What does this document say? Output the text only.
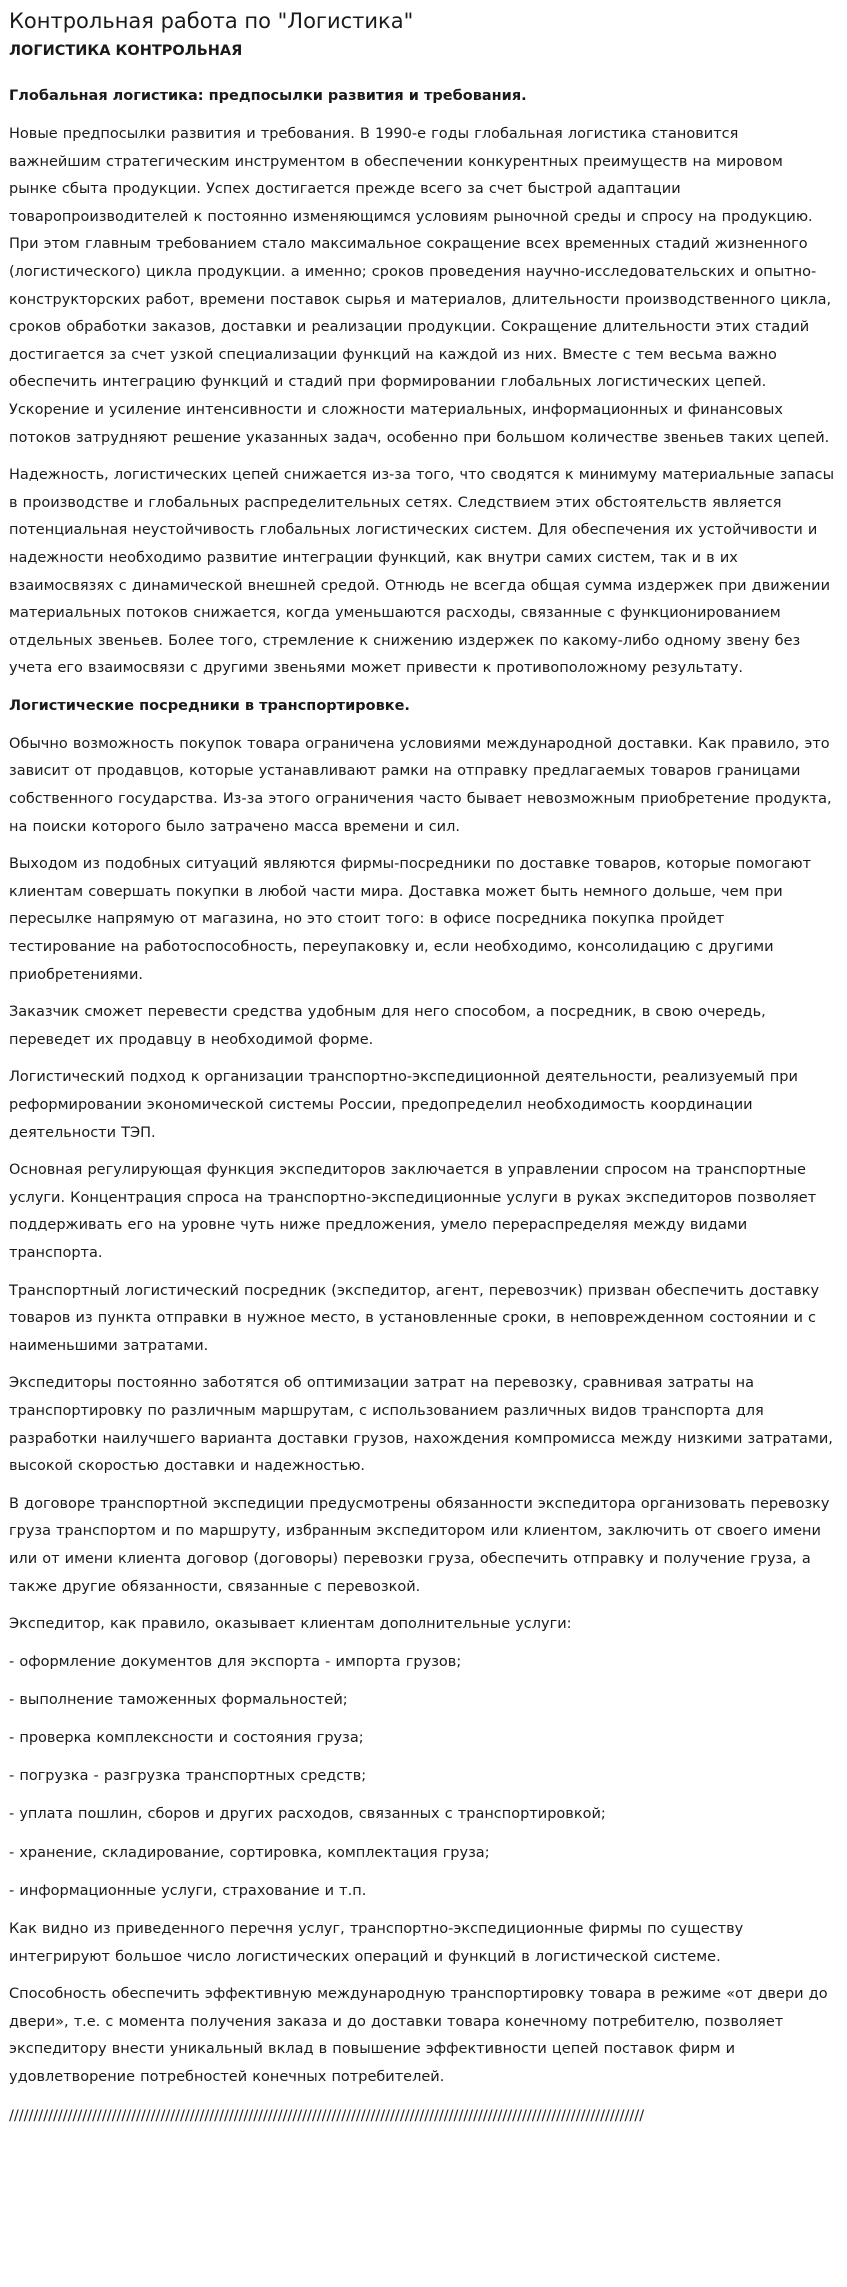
Контрольная работа по "Логистика"
ЛОГИСТИКА КОНТРОЛЬНАЯ
Глобальная логистика: предпосылки развития и требования.

Новые предпосылки развития и требования. В 1990-е годы глобальная логистика становится важнейшим стратегическим инструментом в обеспечении конкурентных преимуществ на мировом рынке сбыта продукции. Успех достигается прежде всего за счет быстрой адаптации товаропроизводителей к постоянно изменяющимся условиям рыночной среды и спросу на продукцию. При этом главным требованием стало максимальное сокращение всех временных стадий жизненного (логистического) цикла продукции. а именно; сроков проведения научно-исследовательских и опытно-конструкторских работ, времени поставок сырья и материалов, длительности производственного цикла, сроков обработки заказов, доставки и реализации продукции. Сокращение длительности этих стадий достигается за счет узкой специализации функций на каждой из них. Вместе с тем весьма важно обеспечить интеграцию функций и стадий при формировании глобальных логистических цепей. Ускорение и усиление интенсивности и сложности материальных, информационных и финансовых потоков затрудняют решение указанных задач, особенно при большом количестве звеньев таких цепей.

Надежность, логистических цепей снижается из-за того, что сводятся к минимуму материальные запасы в производстве и глобальных распределительных сетях. Следствием этих обстоятельств является потенциальная неустойчивость глобальных логистических систем. Для обеспечения их устойчивости и надежности необходимо развитие интеграции функций, как внутри самих систем, так и в их взаимосвязях с динамической внешней средой. Отнюдь не всегда общая сумма издержек при движении материальных потоков снижается, когда уменьшаются расходы, связанные с функционированием отдельных звеньев. Более того, стремление к снижению издержек по какому-либо одному звену без учета его взаимосвязи с другими звеньями может привести к противоположному результату.

Логистические посредники в транспортировке.

Обычно возможность покупок товара ограничена условиями международной доставки. Как правило, это зависит от продавцов, которые устанавливают рамки на отправку предлагаемых товаров границами собственного государства. Из-за этого ограничения часто бывает невозможным приобретение продукта, на поиски которого было затрачено масса времени и сил.

Выходом из подобных ситуаций являются фирмы-посредники по доставке товаров, которые помогают клиентам совершать покупки в любой части мира. Доставка может быть немного дольше, чем при пересылке напрямую от магазина, но это стоит того: в офисе посредника покупка пройдет тестирование на работоспособность, переупаковку и, если необходимо, консолидацию с другими приобретениями.

Заказчик сможет перевести средства удобным для него способом, а посредник, в свою очередь, переведет их продавцу в необходимой форме.

Логистический подход к организации транспортно-экспедиционной деятельности, реализуемый при реформировании экономической системы России, предопределил необходимость координации деятельности ТЭП.

Основная регулирующая функция экспедиторов заключается в управлении спросом на транспортные услуги. Концентрация спроса на транспортно-экспедиционные услуги в руках экспедиторов позволяет поддерживать его на уровне чуть ниже предложения, умело перераспределяя между видами транспорта.

Транспортный логистический посредник (экспедитор, агент, перевозчик) призван обеспечить доставку товаров из пункта отправки в нужное место, в установленные сроки, в неповрежденном состоянии и с наименьшими затратами.

Экспедиторы постоянно заботятся об оптимизации затрат на перевозку, сравнивая затраты на транспортировку по различным маршрутам, с использованием различных видов транспорта для разработки наилучшего варианта доставки грузов, нахождения компромисса между низкими затратами, высокой скоростью доставки и надежностью.

В договоре транспортной экспедиции предусмотрены обязанности экспедитора организовать перевозку груза транспортом и по маршруту, избранным экспедитором или клиентом, заключить от своего имени или от имени клиента договор (договоры) перевозки груза, обеспечить отправку и получение груза, а также другие обязанности, связанные с перевозкой.

Экспедитор, как правило, оказывает клиентам дополнительные услуги:

- оформление документов для экспорта - импорта грузов;

- выполнение таможенных формальностей;

- проверка комплексности и состояния груза;

- погрузка - разгрузка транспортных средств;

- уплата пошлин, сборов и других расходов, связанных с транспортировкой;

- хранение, складирование, сортировка, комплектация груза;

- информационные услуги, страхование и т.п.

Как видно из приведенного перечня услуг, транспортно-экспедиционные фирмы по существу интегрируют большое число логистических операций и функций в логистической системе.

Способность обеспечить эффективную международную транспортировку товара в режиме «от двери до двери», т.е. с момента получения заказа и до доставки товара конечному потребителю, позволяет экспедитору внести уникальный вклад в повышение эффективности цепей поставок фирм и удовлетворение потребностей конечных потребителей.

//////////////////////////////////////////////////////////////////////////////////////////////////////////////////////////////////
